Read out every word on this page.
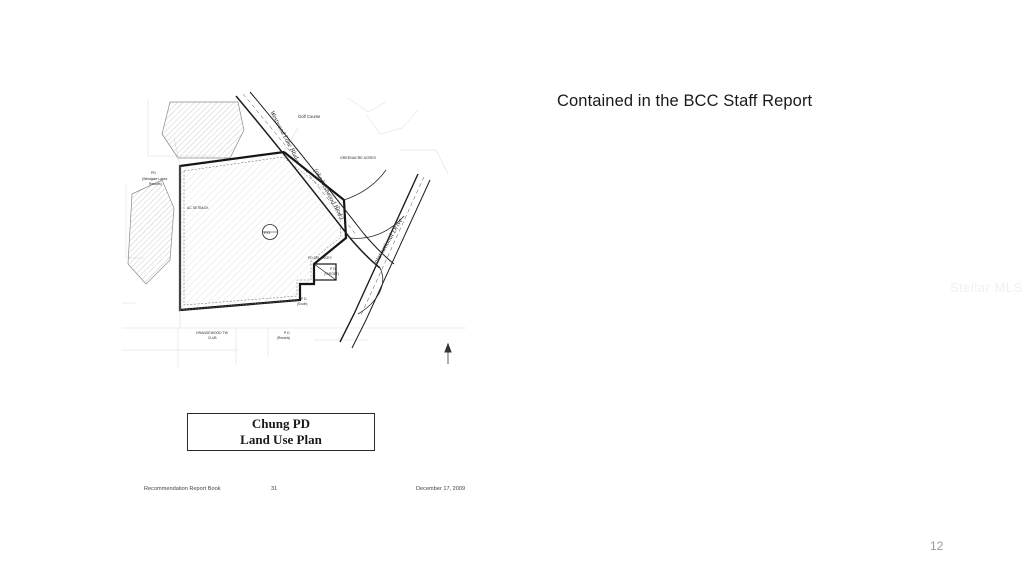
Contained in the BCC Staff Report
Golf Course
GREENACRE ACRES
PD
(Westgate Lakes
Resorts)
AC SETBACK
P.D.
PD DELANCEY
P D
(TARGET)
P D
(South)
ORANGEWOOD TW
CLUB
P D
(Resorts)
Westwood Lake Blvd.
(aka Westwood Blvd.)
International Drive
Chung PD
Land Use Plan
Recommendation Report Book	31	December 17, 2009
Stellar MLS
12
